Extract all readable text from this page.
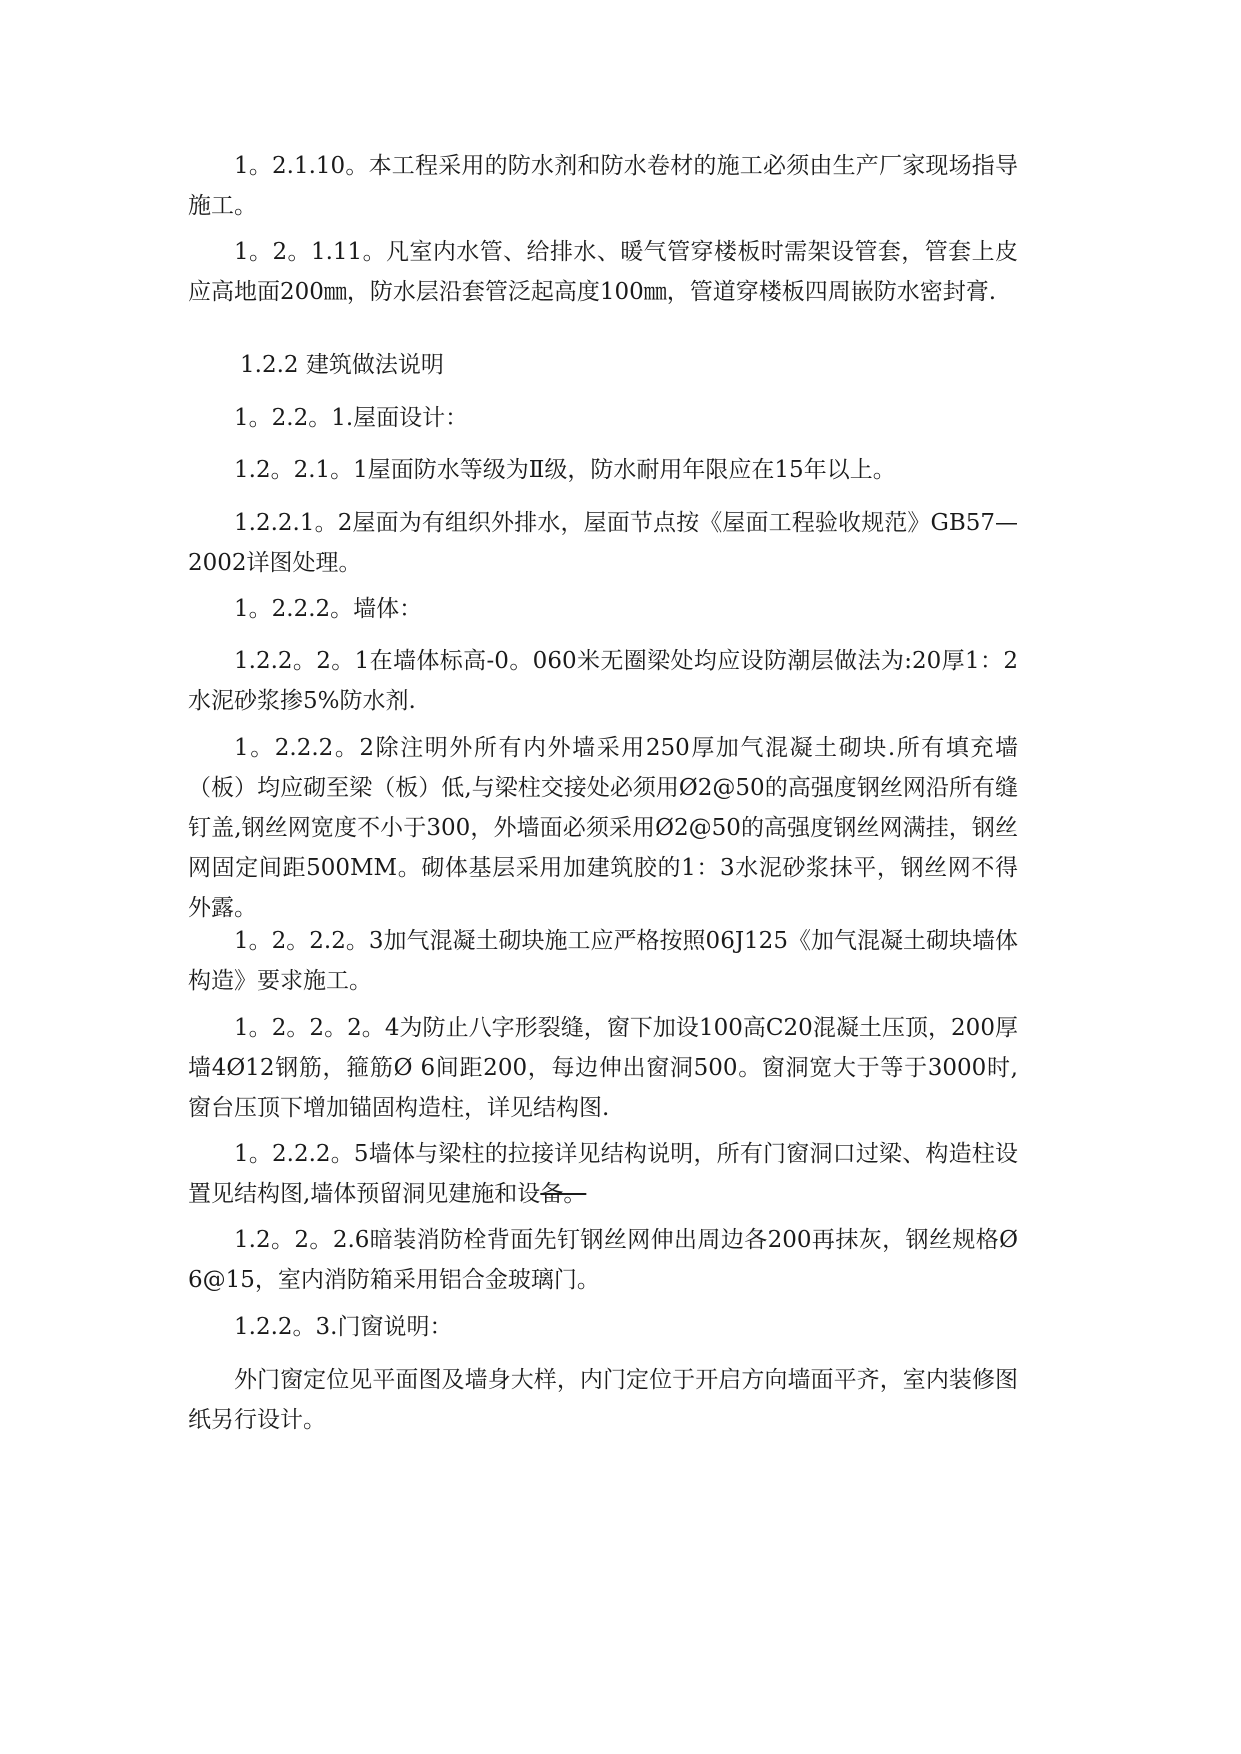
1。2.1.10。本工程采用的防水剂和防水卷材的施工必须由生产厂家现场指导施工。

1。2。1.11。凡室内水管、给排水、暖气管穿楼板时需架设管套，管套上皮应高地面200㎜，防水层沿套管泛起高度100㎜，管道穿楼板四周嵌防水密封膏.

1.2.2 建筑做法说明

1。2.2。1.屋面设计：

1.2。2.1。1屋面防水等级为Ⅱ级，防水耐用年限应在15年以上。

1.2.2.1。2屋面为有组织外排水，屋面节点按《屋面工程验收规范》GB57—2002详图处理。

1。2.2.2。墙体：

1.2.2。2。1在墙体标高-0。060米无圈梁处均应设防潮层做法为:20厚1：2水泥砂浆掺5%防水剂.

1。2.2.2。2除注明外所有内外墙采用250厚加气混凝土砌块.所有填充墙（板）均应砌至梁（板）低,与梁柱交接处必须用Ø2@50的高强度钢丝网沿所有缝钉盖,钢丝网宽度不小于300，外墙面必须采用Ø2@50的高强度钢丝网满挂，钢丝网固定间距500MM。砌体基层采用加建筑胶的1：3水泥砂浆抹平，钢丝网不得外露。

1。2。2.2。3加气混凝土砌块施工应严格按照06J125《加气混凝土砌块墙体构造》要求施工。

1。2。2。2。4为防止八字形裂缝，窗下加设100高C20混凝土压顶，200厚墙4Ø12钢筋，箍筋Ø 6间距200，每边伸出窗洞500。窗洞宽大于等于3000时,窗台压顶下增加锚固构造柱，详见结构图.

1。2.2.2。5墙体与梁柱的拉接详见结构说明，所有门窗洞口过梁、构造柱设置见结构图,墙体预留洞见建施和设备。

1.2。2。2.6暗装消防栓背面先钉钢丝网伸出周边各200再抹灰，钢丝规格Ø6@15，室内消防箱采用铝合金玻璃门。

1.2.2。3.门窗说明：

外门窗定位见平面图及墙身大样，内门定位于开启方向墙面平齐，室内装修图纸另行设计。
